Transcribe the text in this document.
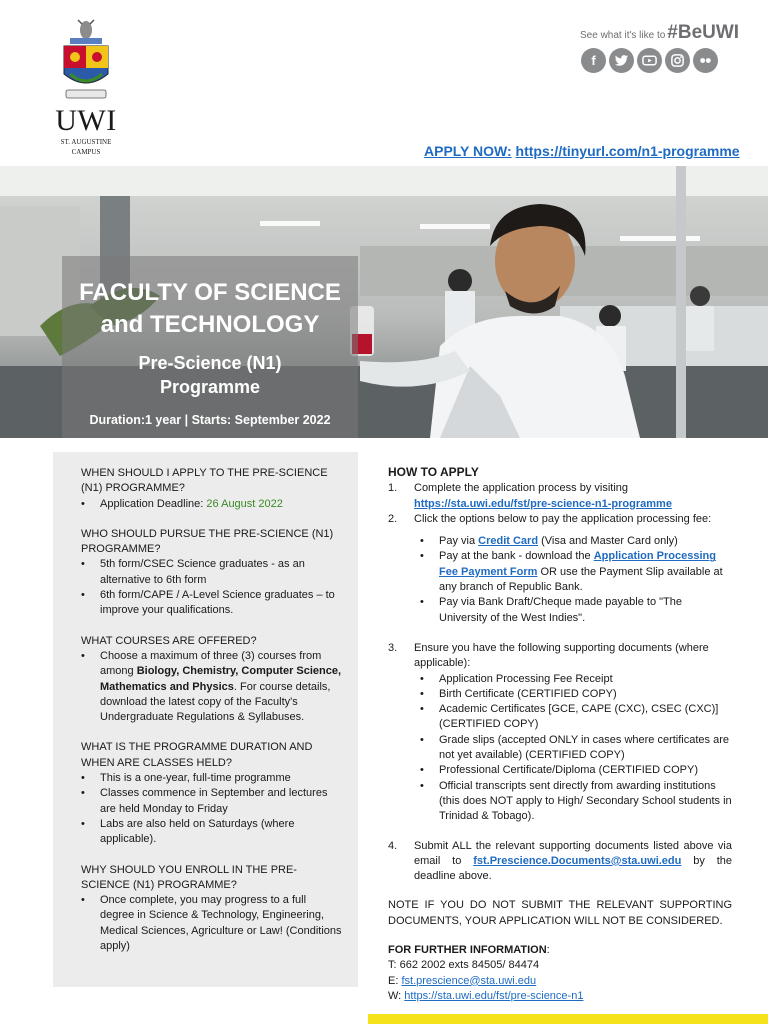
UWI
ST. AUGUSTINE
CAMPUS
See what it's like to #BeUWI
f
APPLY NOW: https://tinyurl.com/n1-programme
FACULTY OF SCIENCE
and TECHNOLOGY
Pre-Science (N1)
Programme
Duration:1 year | Starts: September 2022
WHEN SHOULD I APPLY TO THE PRE-SCIENCE (N1) PROGRAMME?
• Application Deadline: 26 August 2022
WHO SHOULD PURSUE THE PRE-SCIENCE (N1) PROGRAMME?
• 5th form/CSEC Science graduates - as an alternative to 6th form
• 6th form/CAPE / A-Level Science graduates – to improve your qualifications.
WHAT COURSES ARE OFFERED?
• Choose a maximum of three (3) courses from among Biology, Chemistry, Computer Science, Mathematics and Physics. For course details, download the latest copy of the Faculty's Undergraduate Regulations & Syllabuses.
WHAT IS THE PROGRAMME DURATION AND WHEN ARE CLASSES HELD?
• This is a one-year, full-time programme
• Classes commence in September and lectures are held Monday to Friday
• Labs are also held on Saturdays (where applicable).
WHY SHOULD YOU ENROLL IN THE PRE-SCIENCE (N1) PROGRAMME?
• Once complete, you may progress to a full degree in Science & Technology, Engineering, Medical Sciences, Agriculture or Law! (Conditions apply)
HOW TO APPLY
1. Complete the application process by visiting
https://sta.uwi.edu/fst/pre-science-n1-programme
2. Click the options below to pay the application processing fee:
• Pay via Credit Card (Visa and Master Card only)
• Pay at the bank - download the Application Processing Fee Payment Form OR use the Payment Slip available at any branch of Republic Bank.
• Pay via Bank Draft/Cheque made payable to "The University of the West Indies".
3. Ensure you have the following supporting documents (where applicable):
• Application Processing Fee Receipt
• Birth Certificate (CERTIFIED COPY)
• Academic Certificates [GCE, CAPE (CXC), CSEC (CXC)] (CERTIFIED COPY)
• Grade slips (accepted ONLY in cases where certificates are not yet available) (CERTIFIED COPY)
• Professional Certificate/Diploma (CERTIFIED COPY)
• Official transcripts sent directly from awarding institutions (this does NOT apply to High/ Secondary School students in Trinidad & Tobago).
4. Submit ALL the relevant supporting documents listed above via email to fst.Prescience.Documents@sta.uwi.edu by the deadline above.
NOTE IF YOU DO NOT SUBMIT THE RELEVANT SUPPORTING DOCUMENTS, YOUR APPLICATION WILL NOT BE CONSIDERED.
FOR FURTHER INFORMATION:
T: 662 2002 exts 84505/ 84474
E: fst.prescience@sta.uwi.edu
W: https://sta.uwi.edu/fst/pre-science-n1
